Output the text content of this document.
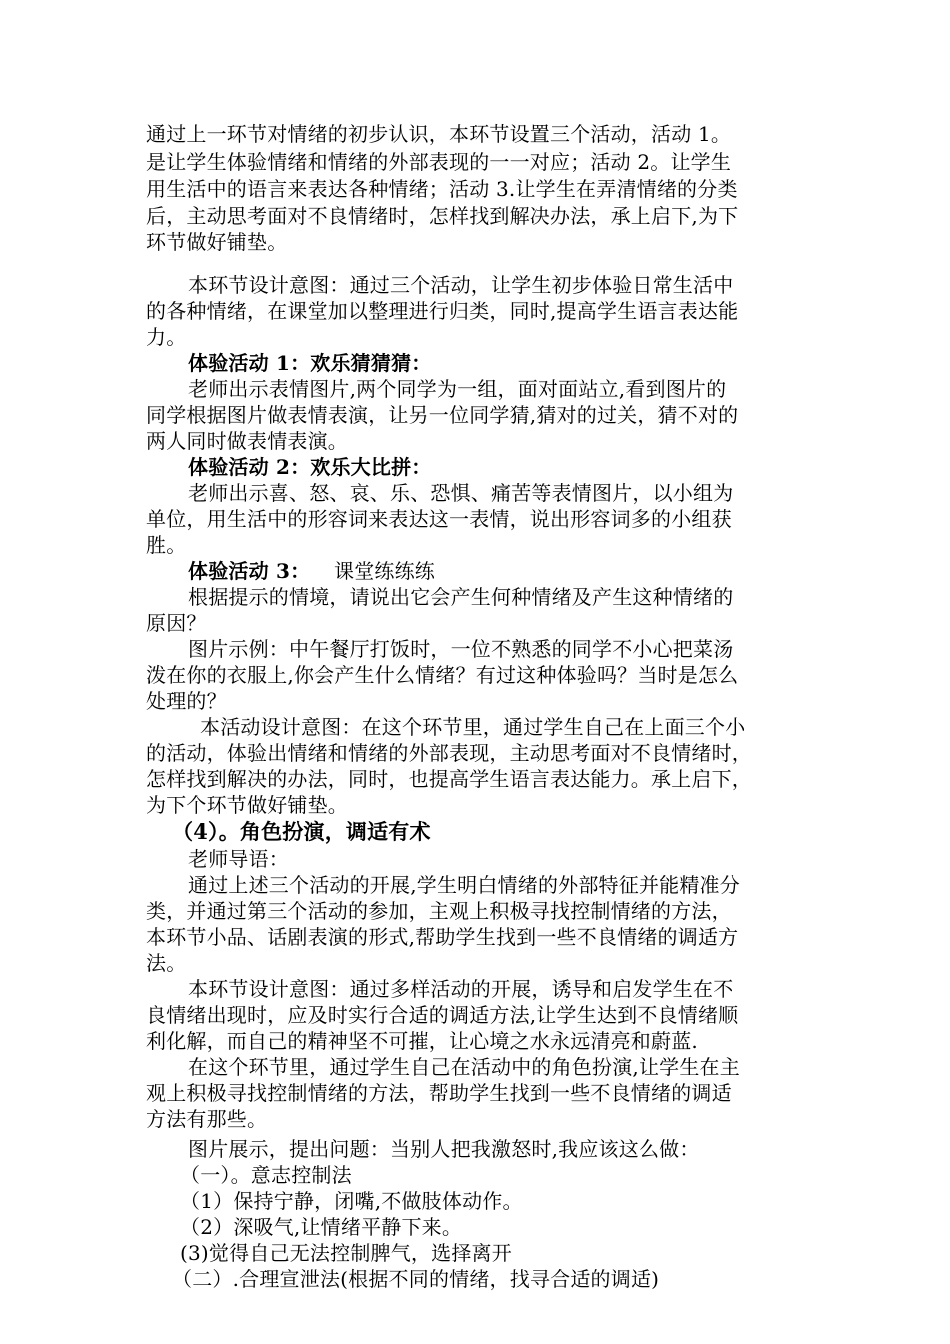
通过上一环节对情绪的初步认识，本环节设置三个活动，活动 1。
是让学生体验情绪和情绪的外部表现的一一对应；活动 2。让学生
用生活中的语言来表达各种情绪；活动 3.让学生在弄清情绪的分类
后，主动思考面对不良情绪时，怎样找到解决办法，承上启下,为下
环节做好铺垫。
本环节设计意图：通过三个活动，让学生初步体验日常生活中
的各种情绪，在课堂加以整理进行归类，同时,提高学生语言表达能
力。
体验活动 1：欢乐猜猜猜：
老师出示表情图片,两个同学为一组，面对面站立,看到图片的
同学根据图片做表情表演，让另一位同学猜,猜对的过关，猜不对的
两人同时做表情表演。
体验活动 2：欢乐大比拼：
老师出示喜、怒、哀、乐、恐惧、痛苦等表情图片，以小组为
单位，用生活中的形容词来表达这一表情，说出形容词多的小组获
胜。
体验活动 3： 课堂练练练
根据提示的情境，请说出它会产生何种情绪及产生这种情绪的
原因？
图片示例：中午餐厅打饭时，一位不熟悉的同学不小心把菜汤
泼在你的衣服上,你会产生什么情绪？有过这种体验吗？当时是怎么
处理的？
本活动设计意图：在这个环节里，通过学生自己在上面三个小
的活动，体验出情绪和情绪的外部表现，主动思考面对不良情绪时，
怎样找到解决的办法，同时，也提高学生语言表达能力。承上启下，
为下个环节做好铺垫。
（4）。角色扮演，调适有术
老师导语：
通过上述三个活动的开展,学生明白情绪的外部特征并能精准分
类，并通过第三个活动的参加，主观上积极寻找控制情绪的方法，
本环节小品、话剧表演的形式,帮助学生找到一些不良情绪的调适方
法。
本环节设计意图：通过多样活动的开展，诱导和启发学生在不
良情绪出现时，应及时实行合适的调适方法,让学生达到不良情绪顺
利化解，而自己的精神坚不可摧，让心境之水永远清亮和蔚蓝.
在这个环节里，通过学生自己在活动中的角色扮演,让学生在主
观上积极寻找控制情绪的方法，帮助学生找到一些不良情绪的调适
方法有那些。
图片展示，提出问题：当别人把我激怒时,我应该这么做：
（一）。意志控制法
（1）保持宁静，闭嘴,不做肢体动作。
（2）深吸气,让情绪平静下来。
(3)觉得自己无法控制脾气，选择离开
（二）.合理宣泄法(根据不同的情绪，找寻合适的调适)
